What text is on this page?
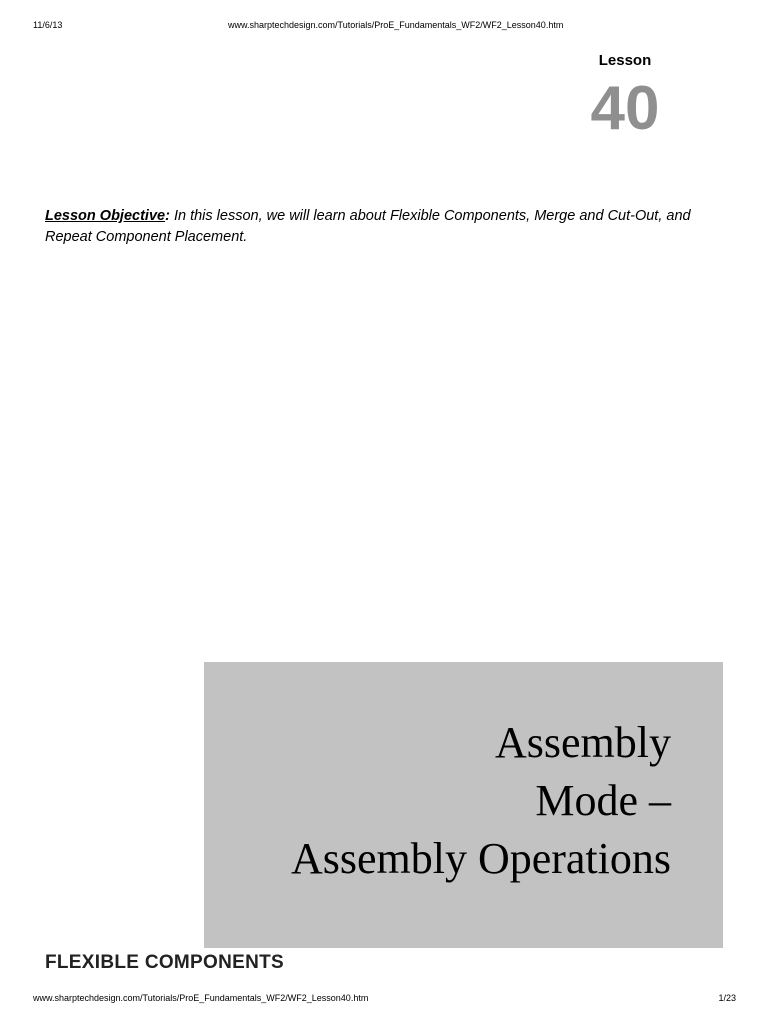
11/6/13	www.sharptechdesign.com/Tutorials/ProE_Fundamentals_WF2/WF2_Lesson40.htm
Lesson
40
Lesson Objective: In this lesson, we will learn about Flexible Components, Merge and Cut-Out, and Repeat Component Placement.
Assembly
Mode –
Assembly Operations
FLEXIBLE COMPONENTS
www.sharptechdesign.com/Tutorials/ProE_Fundamentals_WF2/WF2_Lesson40.htm	1/23
